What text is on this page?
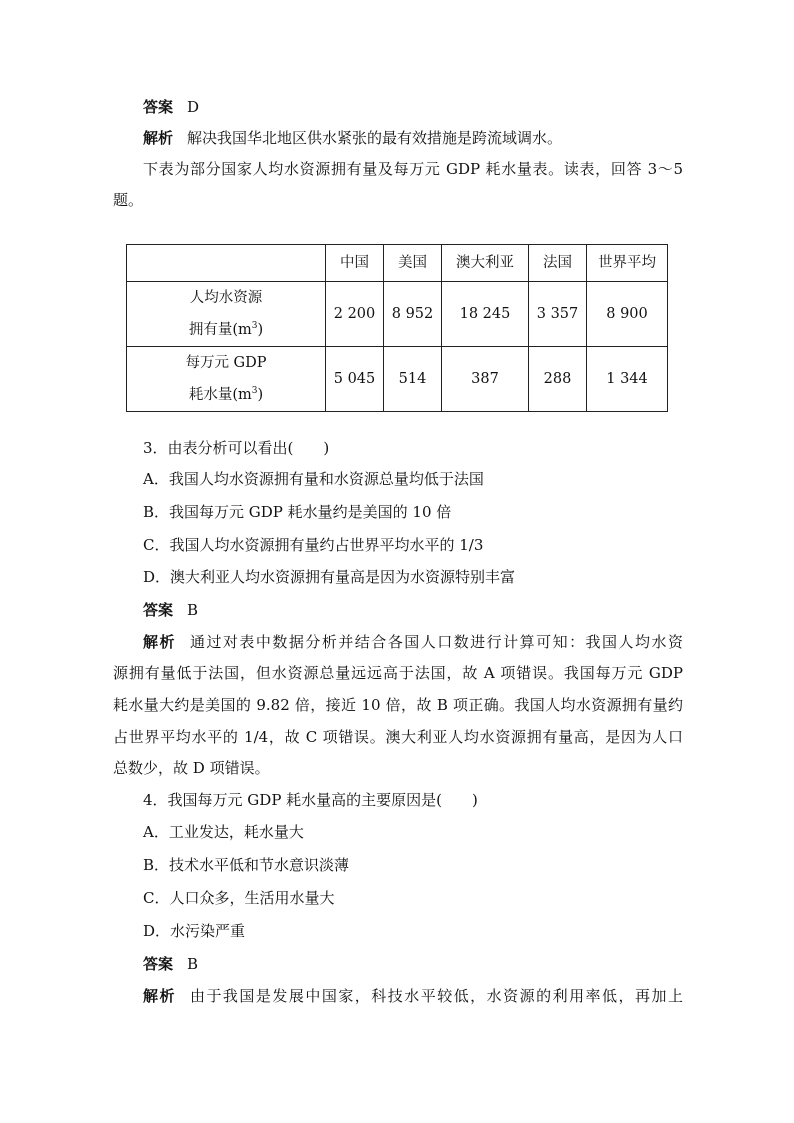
答案 D
解析 解决我国华北地区供水紧张的最有效措施是跨流域调水。
下表为部分国家人均水资源拥有量及每万元 GDP 耗水量表。读表，回答 3～5
题。
	中国	美国	澳大利亚	法国	世界平均
人均水资源
拥有量$(m^3)$	2 200	8 952	18 245	3 357	8 900
每万元 GDP
耗水量$(m^3)$	5 045	514	387	288	1 344
3．由表分析可以看出(　　)
A．我国人均水资源拥有量和水资源总量均低于法国
B．我国每万元 GDP 耗水量约是美国的 10 倍
C．我国人均水资源拥有量约占世界平均水平的 1/3
D．澳大利亚人均水资源拥有量高是因为水资源特别丰富
答案 B
解析 通过对表中数据分析并结合各国人口数进行计算可知：我国人均水资
源拥有量低于法国，但水资源总量远远高于法国，故 A 项错误。我国每万元 GDP
耗水量大约是美国的 9.82 倍，接近 10 倍，故 B 项正确。我国人均水资源拥有量约
占世界平均水平的 1/4，故 C 项错误。澳大利亚人均水资源拥有量高，是因为人口
总数少，故 D 项错误。
4．我国每万元 GDP 耗水量高的主要原因是(　　)
A．工业发达，耗水量大
B．技术水平低和节水意识淡薄
C．人口众多，生活用水量大
D．水污染严重
答案 B
解析 由于我国是发展中国家，科技水平较低，水资源的利用率低，再加上
